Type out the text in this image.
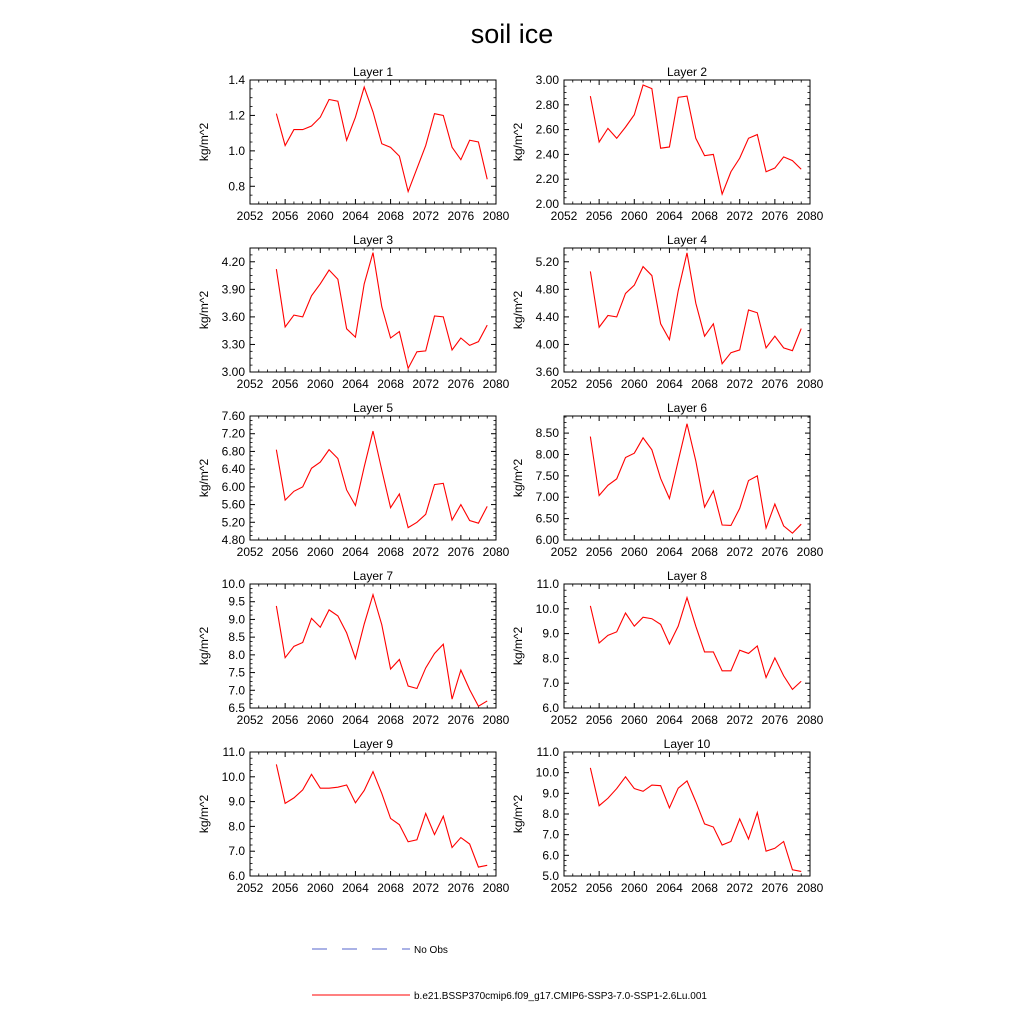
soil ice
Layer 1
2052 2056 2060 2064 2068 2072 2076 2080
0.8
1.0
1.2
1.4
kg/m^2
Layer 2
2052 2056 2060 2064 2068 2072 2076 2080
2.00
2.20
2.40
2.60
2.80
3.00
kg/m^2
Layer 3
2052 2056 2060 2064 2068 2072 2076 2080
3.00
3.30
3.60
3.90
4.20
kg/m^2
Layer 4
2052 2056 2060 2064 2068 2072 2076 2080
3.60
4.00
4.40
4.80
5.20
kg/m^2
Layer 5
2052 2056 2060 2064 2068 2072 2076 2080
4.80
5.20
5.60
6.00
6.40
6.80
7.20
7.60
kg/m^2
Layer 6
2052 2056 2060 2064 2068 2072 2076 2080
6.00
6.50
7.00
7.50
8.00
8.50
kg/m^2
Layer 7
2052 2056 2060 2064 2068 2072 2076 2080
6.5
7.0
7.5
8.0
8.5
9.0
9.5
10.0
kg/m^2
Layer 8
2052 2056 2060 2064 2068 2072 2076 2080
6.0
7.0
8.0
9.0
10.0
11.0
kg/m^2
Layer 9
2052 2056 2060 2064 2068 2072 2076 2080
6.0
7.0
8.0
9.0
10.0
11.0
kg/m^2
Layer 10
2052 2056 2060 2064 2068 2072 2076 2080
5.0
6.0
7.0
8.0
9.0
10.0
11.0
kg/m^2
No Obs
b.e21.BSSP370cmip6.f09_g17.CMIP6-SSP3-7.0-SSP1-2.6Lu.001
